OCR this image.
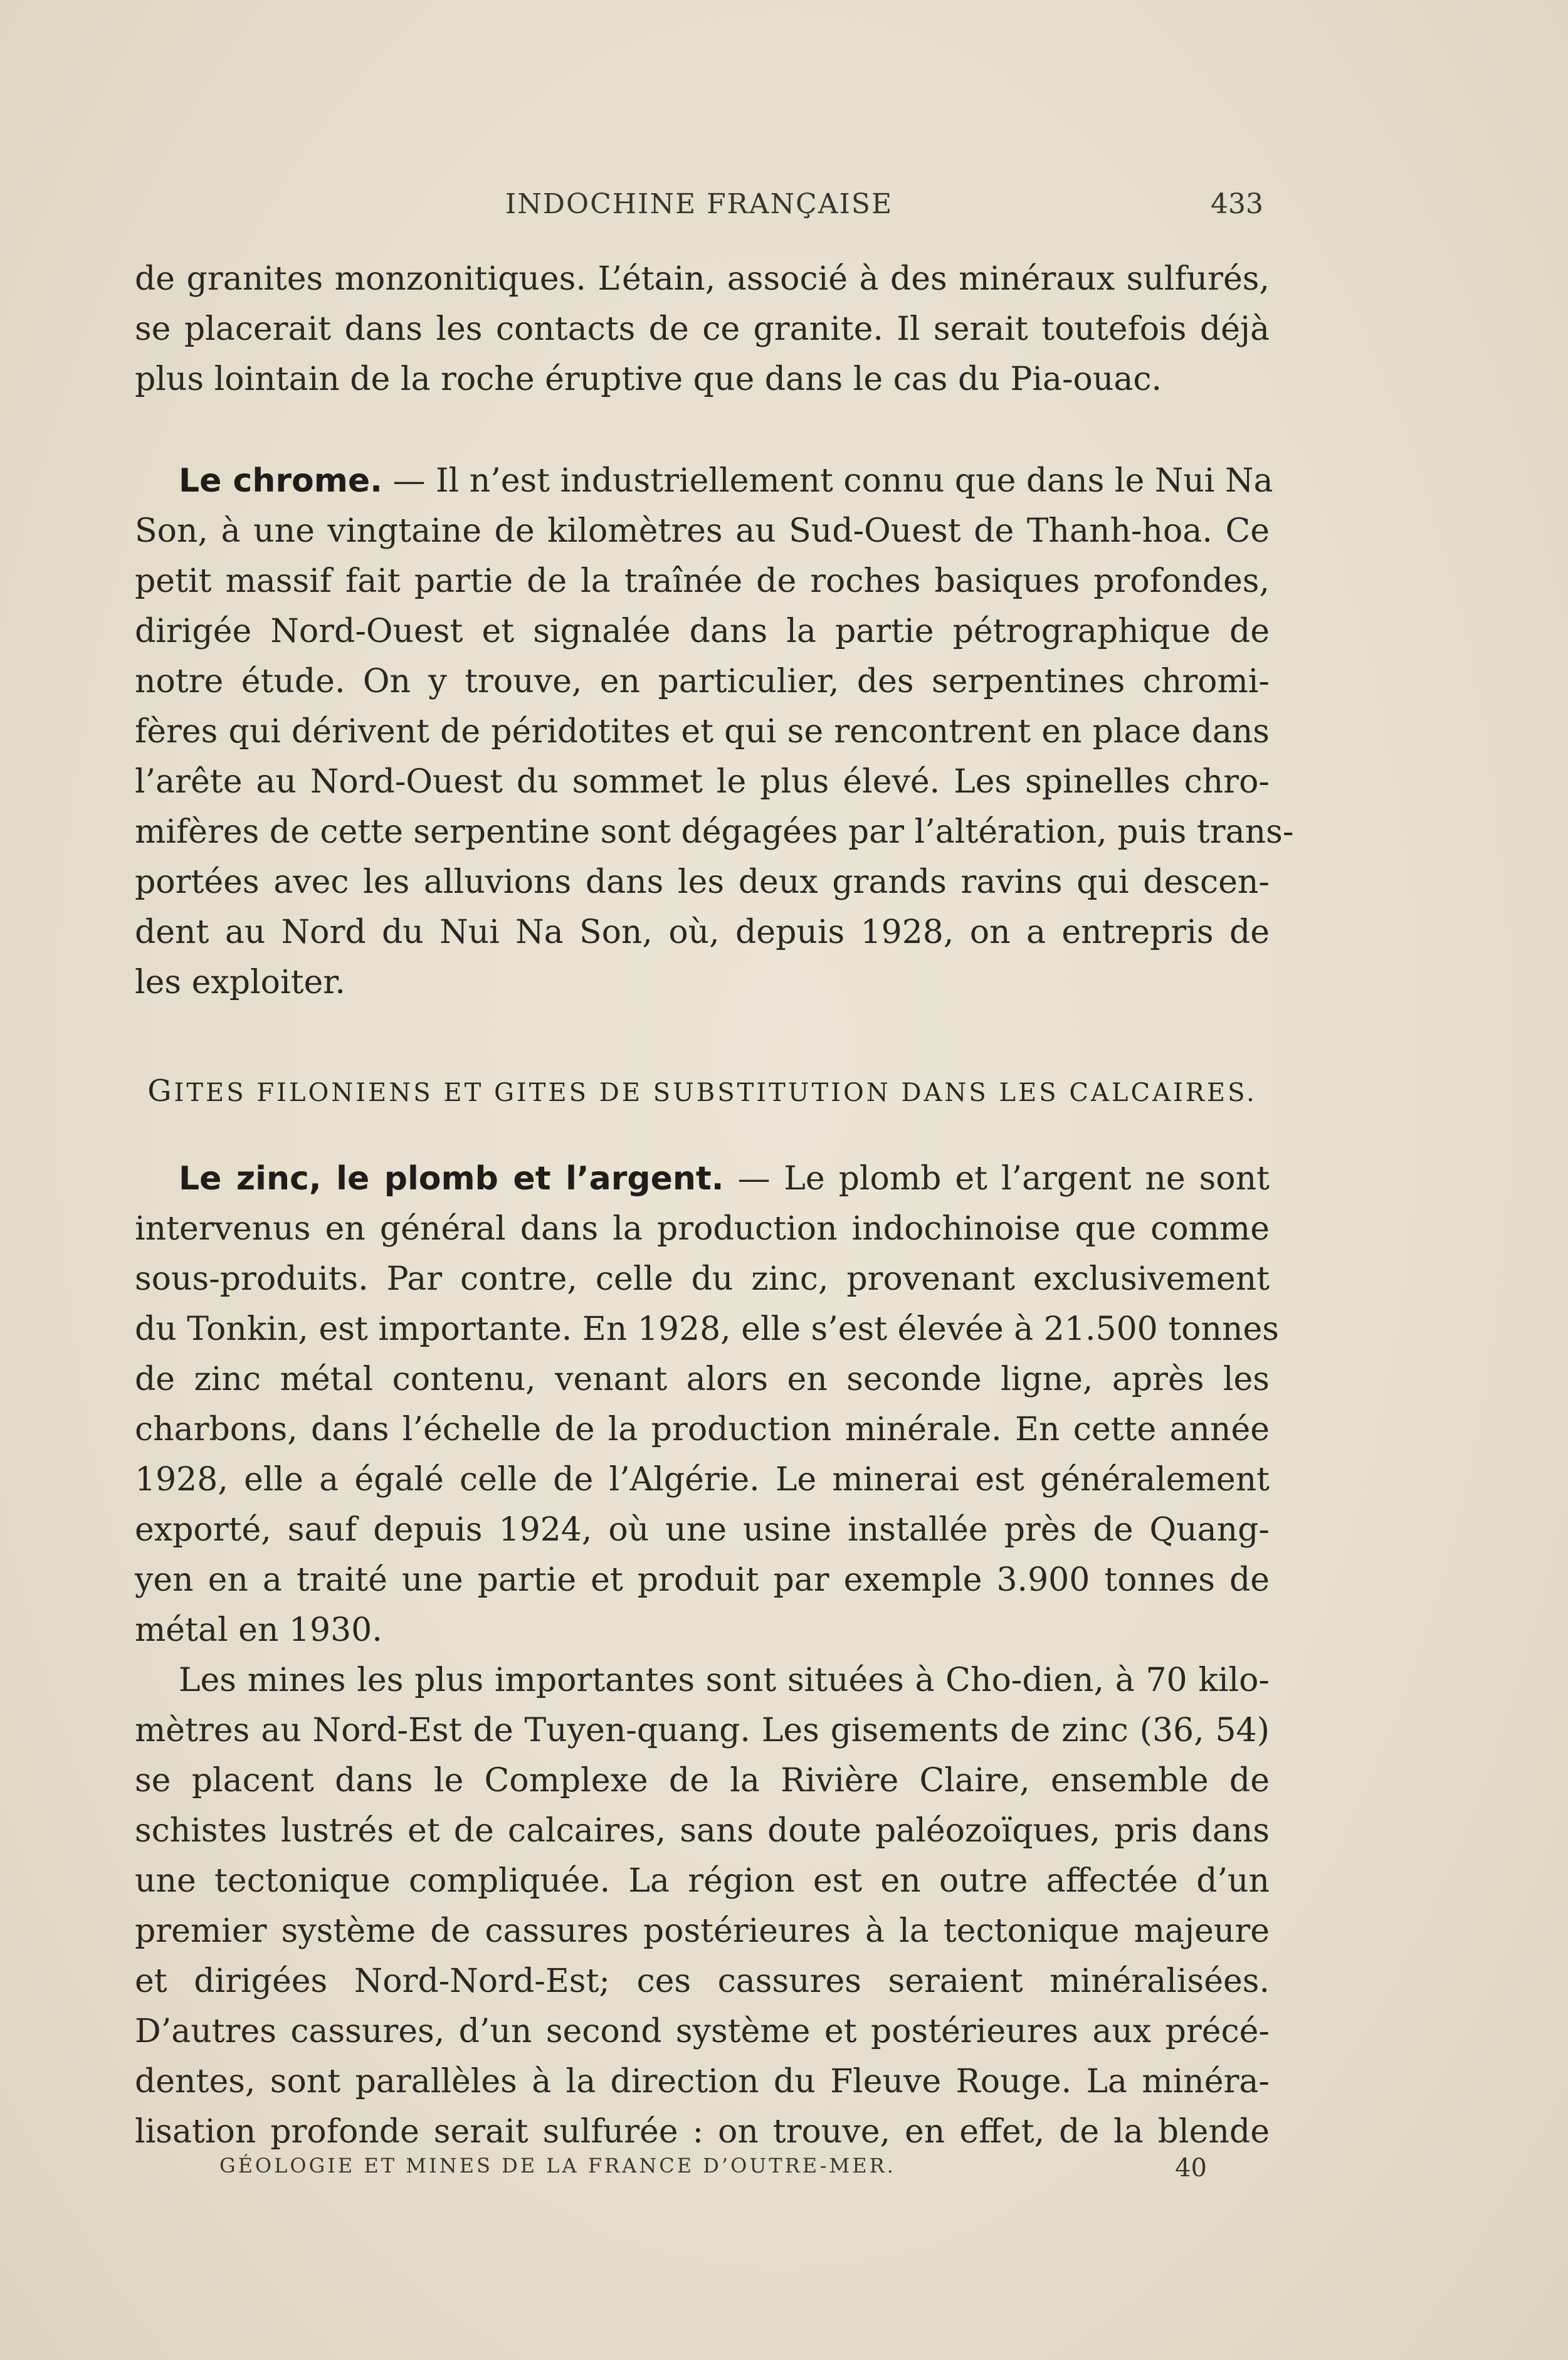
INDOCHINE FRANÇAISE	433
de granites monzonitiques. L’étain, associé à des minéraux sulfurés,
se placerait dans les contacts de ce granite. Il serait toutefois déjà
plus lointain de la roche éruptive que dans le cas du Pia-ouac.
Le chrome. — Il n’est industriellement connu que dans le Nui Na
Son, à une vingtaine de kilomètres au Sud-Ouest de Thanh-hoa. Ce
petit massif fait partie de la traînée de roches basiques profondes,
dirigée Nord-Ouest et signalée dans la partie pétrographique de
notre étude. On y trouve, en particulier, des serpentines chromi-
fères qui dérivent de péridotites et qui se rencontrent en place dans
l’arête au Nord-Ouest du sommet le plus élevé. Les spinelles chro-
mifères de cette serpentine sont dégagées par l’altération, puis trans-
portées avec les alluvions dans les deux grands ravins qui descen-
dent au Nord du Nui Na Son, où, depuis 1928, on a entrepris de
les exploiter.
GITES FILONIENS ET GITES DE SUBSTITUTION DANS LES CALCAIRES.
Le zinc, le plomb et l’argent. — Le plomb et l’argent ne sont
intervenus en général dans la production indochinoise que comme
sous-produits. Par contre, celle du zinc, provenant exclusivement
du Tonkin, est importante. En 1928, elle s’est élevée à 21.500 tonnes
de zinc métal contenu, venant alors en seconde ligne, après les
charbons, dans l’échelle de la production minérale. En cette année
1928, elle a égalé celle de l’Algérie. Le minerai est généralement
exporté, sauf depuis 1924, où une usine installée près de Quang-
yen en a traité une partie et produit par exemple 3.900 tonnes de
métal en 1930.
Les mines les plus importantes sont situées à Cho-dien, à 70 kilo-
mètres au Nord-Est de Tuyen-quang. Les gisements de zinc (36, 54)
se placent dans le Complexe de la Rivière Claire, ensemble de
schistes lustrés et de calcaires, sans doute paléozoïques, pris dans
une tectonique compliquée. La région est en outre affectée d’un
premier système de cassures postérieures à la tectonique majeure
et dirigées Nord-Nord-Est; ces cassures seraient minéralisées.
D’autres cassures, d’un second système et postérieures aux précé-
dentes, sont parallèles à la direction du Fleuve Rouge. La minéra-
lisation profonde serait sulfurée : on trouve, en effet, de la blende
GÉOLOGIE ET MINES DE LA FRANCE D’OUTRE-MER.	40
